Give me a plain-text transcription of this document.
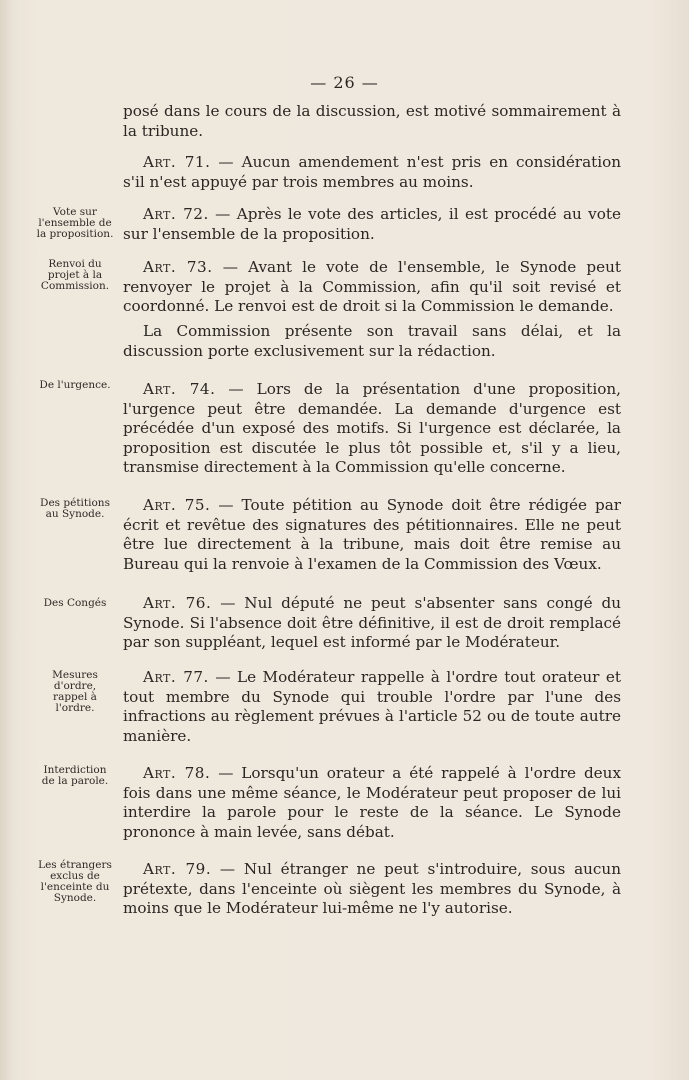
— 26 —

posé dans le cours de la discussion, est motivé sommairement à la tribune.

Art. 71. — Aucun amendement n'est pris en considération s'il n'est appuyé par trois membres au moins.

Art. 72. — Après le vote des articles, il est procédé au vote sur l'ensemble de la proposition.

Art. 73. — Avant le vote de l'ensemble, le Synode peut renvoyer le projet à la Commission, afin qu'il soit revisé et coordonné. Le renvoi est de droit si la Commission le demande.

La Commission présente son travail sans délai, et la discussion porte exclusivement sur la rédaction.

Art. 74. — Lors de la présentation d'une proposition, l'urgence peut être demandée. La demande d'urgence est précédée d'un exposé des motifs. Si l'urgence est déclarée, la proposition est discutée le plus tôt possible et, s'il y a lieu, transmise directement à la Commission qu'elle concerne.

Art. 75. — Toute pétition au Synode doit être rédigée par écrit et revêtue des signatures des pétitionnaires. Elle ne peut être lue directement à la tribune, mais doit être remise au Bureau qui la renvoie à l'examen de la Commission des Vœux.

Art. 76. — Nul député ne peut s'absenter sans congé du Synode. Si l'absence doit être définitive, il est de droit remplacé par son suppléant, lequel est informé par le Modérateur.

Art. 77. — Le Modérateur rappelle à l'ordre tout orateur et tout membre du Synode qui trouble l'ordre par l'une des infractions au règlement prévues à l'article 52 ou de toute autre manière.

Art. 78. — Lorsqu'un orateur a été rappelé à l'ordre deux fois dans une même séance, le Modérateur peut proposer de lui interdire la parole pour le reste de la séance. Le Synode prononce à main levée, sans débat.

Art. 79. — Nul étranger ne peut s'introduire, sous aucun prétexte, dans l'enceinte où siègent les membres du Synode, à moins que le Modérateur lui-même ne l'y autorise.

Vote sur l'ensemble de la proposition.
Renvoi du projet à la Commission.
De l'urgence.
Des pétitions au Synode.
Des Congés
Mesures d'ordre, rappel à l'ordre.
Interdiction de la parole.
Les étrangers exclus de l'enceinte du Synode.
